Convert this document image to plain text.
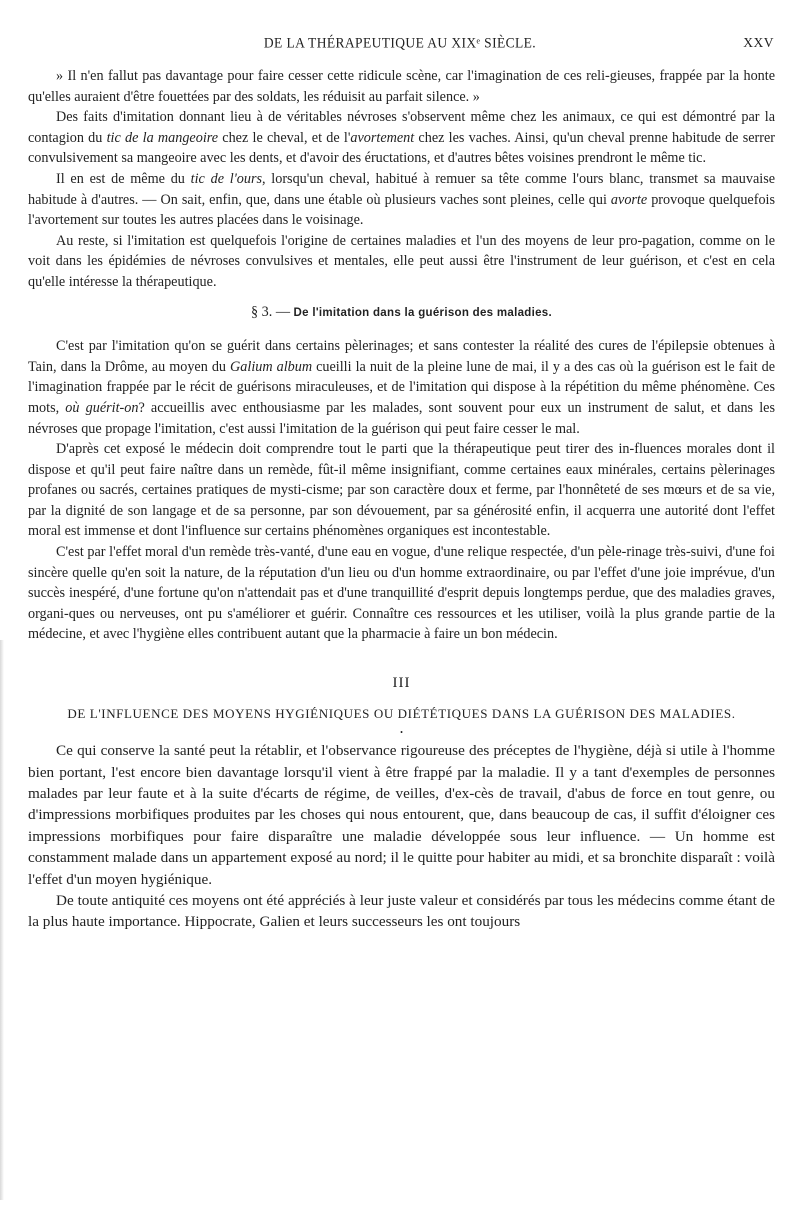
DE LA THÉRAPEUTIQUE AU XIXᵉ SIÈCLE.	XXV

» Il n'en fallut pas davantage pour faire cesser cette ridicule scène, car l'imagination de ces reli-gieuses, frappée par la honte qu'elles auraient d'être fouettées par des soldats, les réduisit au parfait silence. »

Des faits d'imitation donnant lieu à de véritables névroses s'observent même chez les animaux, ce qui est démontré par la contagion du tic de la mangeoire chez le cheval, et de l'avortement chez les vaches. Ainsi, qu'un cheval prenne habitude de serrer convulsivement sa mangeoire avec les dents, et d'avoir des éructations, et d'autres bêtes voisines prendront le même tic.

Il en est de même du tic de l'ours, lorsqu'un cheval, habitué à remuer sa tête comme l'ours blanc, transmet sa mauvaise habitude à d'autres. — On sait, enfin, que, dans une étable où plusieurs vaches sont pleines, celle qui avorte provoque quelquefois l'avortement sur toutes les autres placées dans le voisinage.

Au reste, si l'imitation est quelquefois l'origine de certaines maladies et l'un des moyens de leur pro-pagation, comme on le voit dans les épidémies de névroses convulsives et mentales, elle peut aussi être l'instrument de leur guérison, et c'est en cela qu'elle intéresse la thérapeutique.

§ 3. — De l'imitation dans la guérison des maladies.

C'est par l'imitation qu'on se guérit dans certains pèlerinages; et sans contester la réalité des cures de l'épilepsie obtenues à Tain, dans la Drôme, au moyen du Galium album cueilli la nuit de la pleine lune de mai, il y a des cas où la guérison est le fait de l'imagination frappée par le récit de guérisons miraculeuses, et de l'imitation qui dispose à la répétition du même phénomène. Ces mots, où guérit-on? accueillis avec enthousiasme par les malades, sont souvent pour eux un instrument de salut, et dans les névroses que propage l'imitation, c'est aussi l'imitation de la guérison qui peut faire cesser le mal.

D'après cet exposé le médecin doit comprendre tout le parti que la thérapeutique peut tirer des in-fluences morales dont il dispose et qu'il peut faire naître dans un remède, fût-il même insignifiant, comme certaines eaux minérales, certains pèlerinages profanes ou sacrés, certaines pratiques de mysti-cisme; par son caractère doux et ferme, par l'honnêteté de ses mœurs et de sa vie, par la dignité de son langage et de sa personne, par son dévouement, par sa générosité enfin, il acquerra une autorité dont l'effet moral est immense et dont l'influence sur certains phénomènes organiques est incontestable.

C'est par l'effet moral d'un remède très-vanté, d'une eau en vogue, d'une relique respectée, d'un pèle-rinage très-suivi, d'une foi sincère quelle qu'en soit la nature, de la réputation d'un lieu ou d'un homme extraordinaire, ou par l'effet d'une joie imprévue, d'un succès inespéré, d'une fortune qu'on n'attendait pas et d'une tranquillité d'esprit depuis longtemps perdue, que des maladies graves, organi-ques ou nerveuses, ont pu s'améliorer et guérir. Connaître ces ressources et les utiliser, voilà la plus grande partie de la médecine, et avec l'hygiène elles contribuent autant que la pharmacie à faire un bon médecin.

III
DE L'INFLUENCE DES MOYENS HYGIÉNIQUES OU DIÉTÉTIQUES DANS LA GUÉRISON DES MALADIES.
•

Ce qui conserve la santé peut la rétablir, et l'observance rigoureuse des préceptes de l'hygiène, déjà si utile à l'homme bien portant, l'est encore bien davantage lorsqu'il vient à être frappé par la maladie. Il y a tant d'exemples de personnes malades par leur faute et à la suite d'écarts de régime, de veilles, d'ex-cès de travail, d'abus de force en tout genre, ou d'impressions morbifiques produites par les choses qui nous entourent, que, dans beaucoup de cas, il suffit d'éloigner ces impressions morbifiques pour faire disparaître une maladie développée sous leur influence. — Un homme est constamment malade dans un appartement exposé au nord; il le quitte pour habiter au midi, et sa bronchite disparaît : voilà l'effet d'un moyen hygiénique.

De toute antiquité ces moyens ont été appréciés à leur juste valeur et considérés par tous les médecins comme étant de la plus haute importance. Hippocrate, Galien et leurs successeurs les ont toujours
